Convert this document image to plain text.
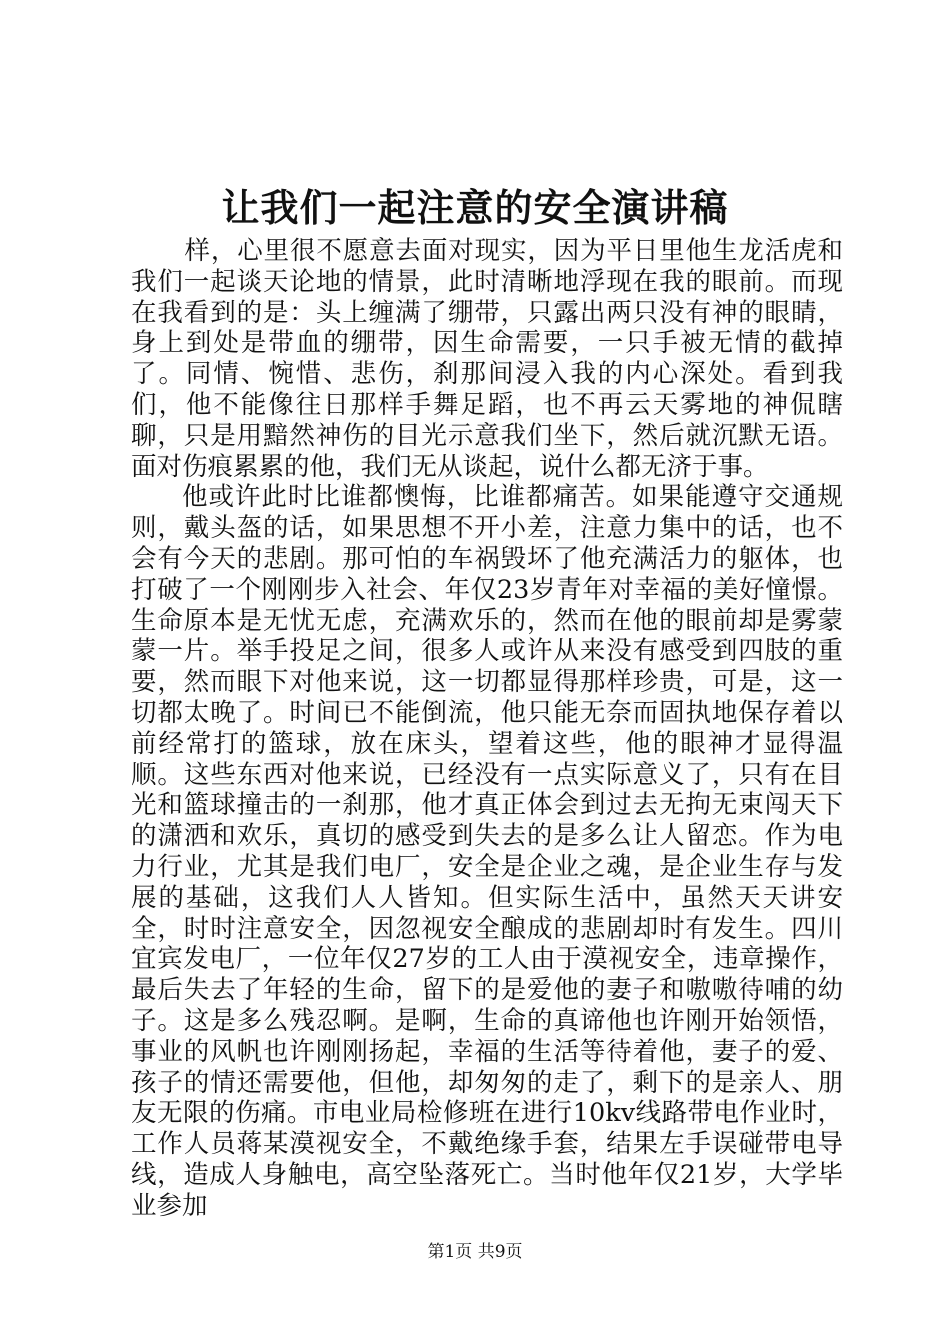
让我们一起注意的安全演讲稿

样，心里很不愿意去面对现实，因为平日里他生龙活虎和我们一起谈天论地的情景，此时清晰地浮现在我的眼前。而现在我看到的是：头上缠满了绷带，只露出两只没有神的眼睛，身上到处是带血的绷带，因生命需要，一只手被无情的截掉了。同情、惋惜、悲伤，刹那间浸入我的内心深处。看到我们，他不能像往日那样手舞足蹈，也不再云天雾地的神侃瞎聊，只是用黯然神伤的目光示意我们坐下，然后就沉默无语。面对伤痕累累的他，我们无从谈起，说什么都无济于事。

他或许此时比谁都懊悔，比谁都痛苦。如果能遵守交通规则，戴头盔的话，如果思想不开小差，注意力集中的话，也不会有今天的悲剧。那可怕的车祸毁坏了他充满活力的躯体，也打破了一个刚刚步入社会、年仅23岁青年对幸福的美好憧憬。生命原本是无忧无虑，充满欢乐的，然而在他的眼前却是雾蒙蒙一片。举手投足之间，很多人或许从来没有感受到四肢的重要，然而眼下对他来说，这一切都显得那样珍贵，可是，这一切都太晚了。时间已不能倒流，他只能无奈而固执地保存着以前经常打的篮球，放在床头，望着这些，他的眼神才显得温顺。这些东西对他来说，已经没有一点实际意义了，只有在目光和篮球撞击的一刹那，他才真正体会到过去无拘无束闯天下的潇洒和欢乐，真切的感受到失去的是多么让人留恋。作为电力行业，尤其是我们电厂，安全是企业之魂，是企业生存与发展的基础，这我们人人皆知。但实际生活中，虽然天天讲安全，时时注意安全，因忽视安全酿成的悲剧却时有发生。四川宜宾发电厂，一位年仅27岁的工人由于漠视安全，违章操作，最后失去了年轻的生命，留下的是爱他的妻子和嗷嗷待哺的幼子。这是多么残忍啊。是啊，生命的真谛他也许刚开始领悟，事业的风帆也许刚刚扬起，幸福的生活等待着他，妻子的爱、孩子的情还需要他，但他，却匆匆的走了，剩下的是亲人、朋友无限的伤痛。市电业局检修班在进行10kv线路带电作业时，工作人员蒋某漠视安全，不戴绝缘手套，结果左手误碰带电导线，造成人身触电，高空坠落死亡。当时他年仅21岁，大学毕业参加

第1页 共9页
